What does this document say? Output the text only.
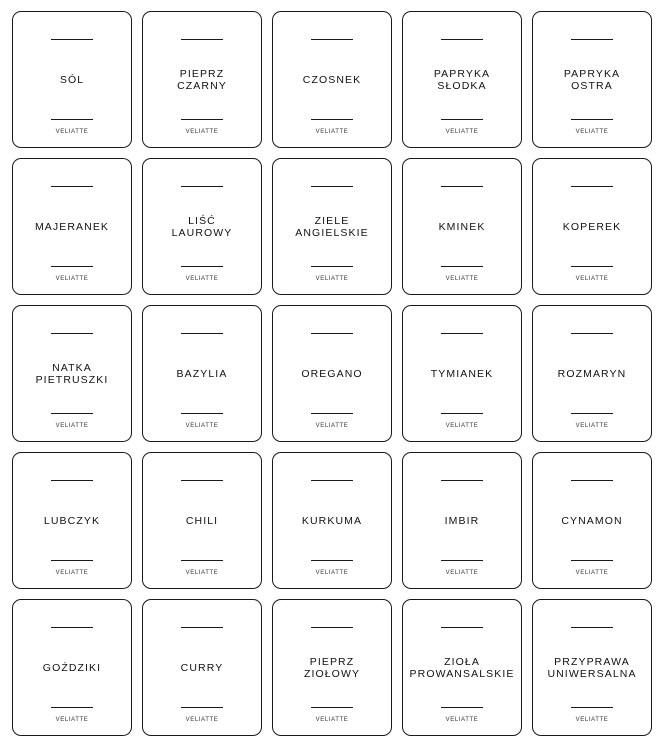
SÓL
VELIATTE
PIEPRZ
CZARNY
VELIATTE
CZOSNEK
VELIATTE
PAPRYKA
SŁODKA
VELIATTE
PAPRYKA
OSTRA
VELIATTE
MAJERANEK
VELIATTE
LIŚĆ
LAUROWY
VELIATTE
ZIELE
ANGIELSKIE
VELIATTE
KMINEK
VELIATTE
KOPEREK
VELIATTE
NATKA
PIETRUSZKI
VELIATTE
BAZYLIA
VELIATTE
OREGANO
VELIATTE
TYMIANEK
VELIATTE
ROZMARYN
VELIATTE
LUBCZYK
VELIATTE
CHILI
VELIATTE
KURKUMA
VELIATTE
IMBIR
VELIATTE
CYNAMON
VELIATTE
GOŹDZIKI
VELIATTE
CURRY
VELIATTE
PIEPRZ
ZIOŁOWY
VELIATTE
ZIOŁA
PROWANSALSKIE
VELIATTE
PRZYPRAWA
UNIWERSALNA
VELIATTE
